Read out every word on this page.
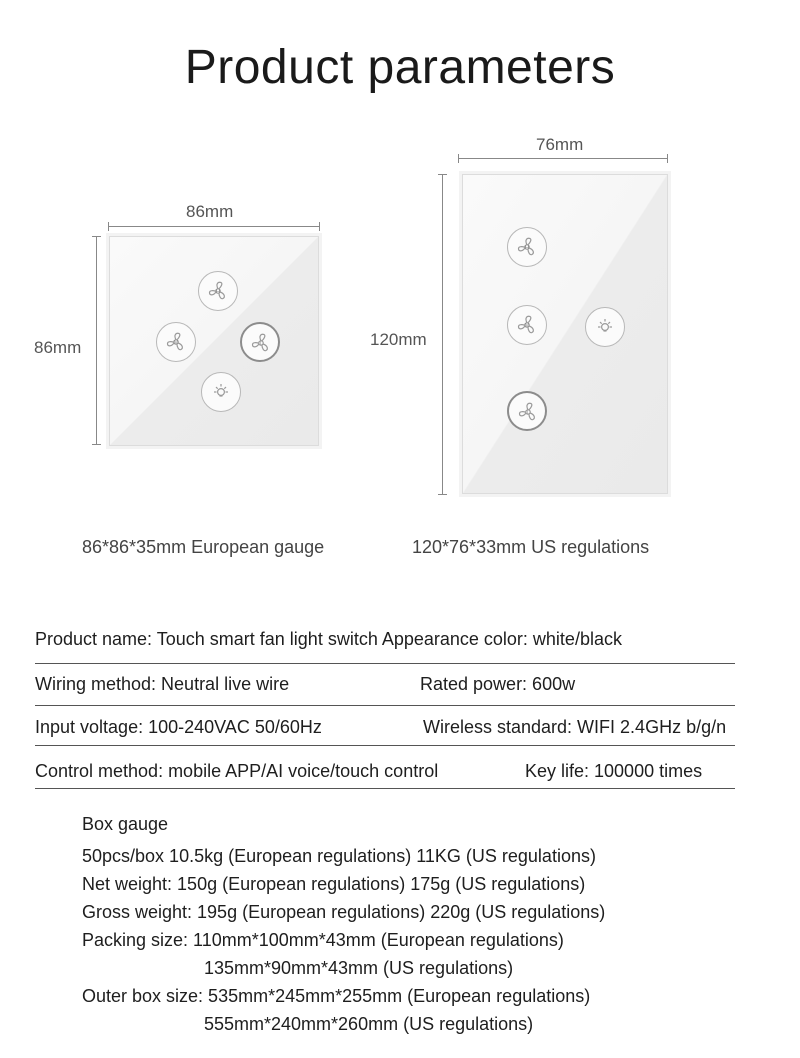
Product parameters
86mm
86mm
H
M	L
86*86*35mm European gauge
76mm
120mm
H
M
L
120*76*33mm US regulations
Product name: Touch smart fan light switch Appearance color: white/black
Wiring method: Neutral live wire	Rated power: 600w
Input voltage: 100-240VAC 50/60Hz	Wireless standard: WIFI 2.4GHz b/g/n
Control method: mobile APP/AI voice/touch control	Key life: 100000 times
Box gauge
50pcs/box 10.5kg (European regulations) 11KG (US regulations)
Net weight: 150g (European regulations) 175g (US regulations)
Gross weight: 195g (European regulations) 220g (US regulations)
Packing size: 110mm*100mm*43mm (European regulations)
135mm*90mm*43mm (US regulations)
Outer box size: 535mm*245mm*255mm (European regulations)
555mm*240mm*260mm (US regulations)
